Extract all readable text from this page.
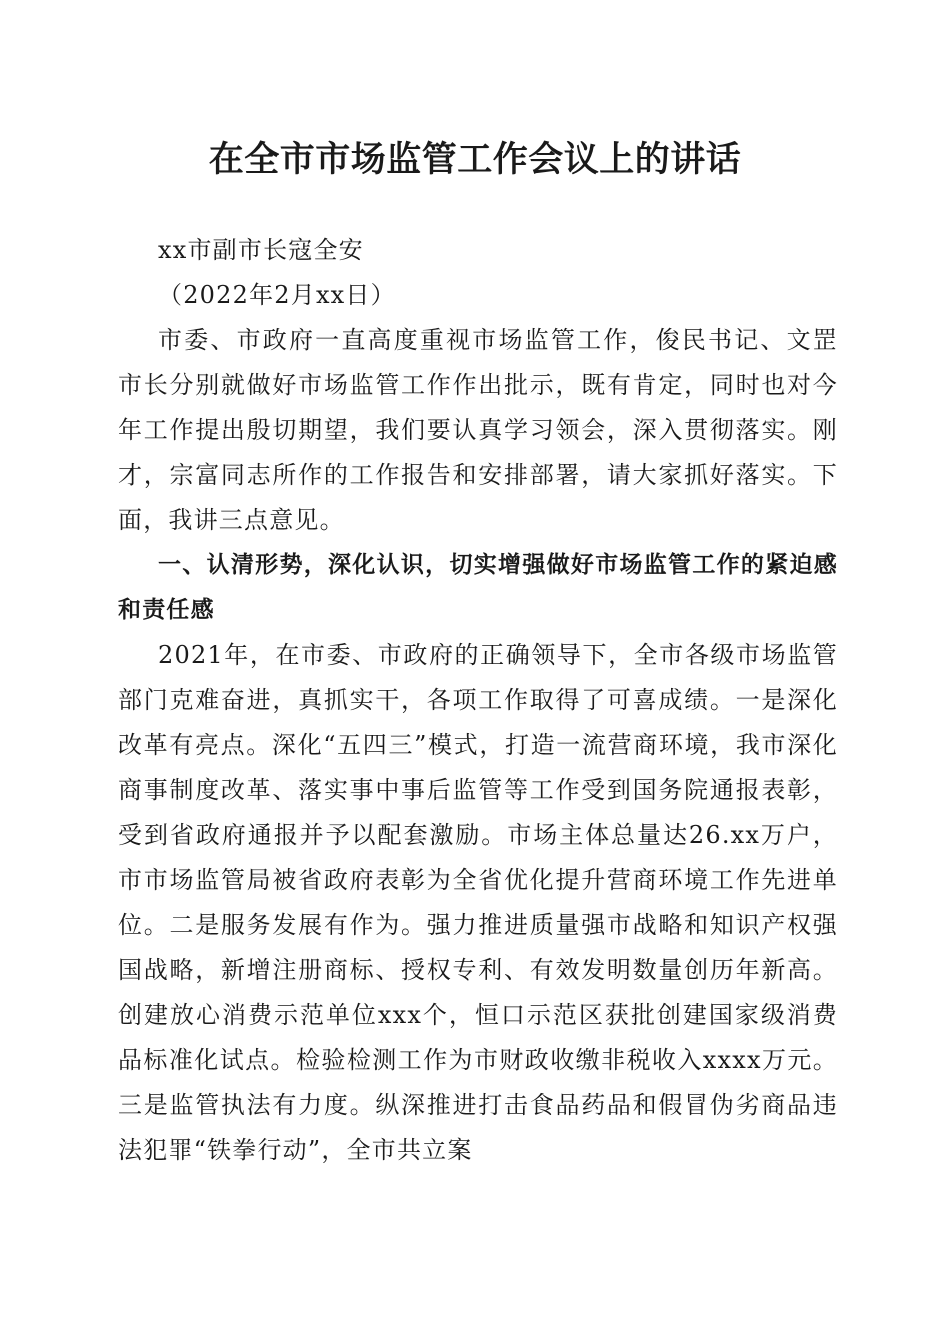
在全市市场监管工作会议上的讲话

xx市副市长寇全安

（2022年2月xx日）

市委、市政府一直高度重视市场监管工作，俊民书记、文罡市长分别就做好市场监管工作作出批示，既有肯定，同时也对今年工作提出殷切期望，我们要认真学习领会，深入贯彻落实。刚才，宗富同志所作的工作报告和安排部署，请大家抓好落实。下面，我讲三点意见。

一、认清形势，深化认识，切实增强做好市场监管工作的紧迫感和责任感

2021年，在市委、市政府的正确领导下，全市各级市场监管部门克难奋进，真抓实干，各项工作取得了可喜成绩。一是深化改革有亮点。深化“五四三”模式，打造一流营商环境，我市深化商事制度改革、落实事中事后监管等工作受到国务院通报表彰，受到省政府通报并予以配套激励。市场主体总量达26.xx万户，市市场监管局被省政府表彰为全省优化提升营商环境工作先进单位。二是服务发展有作为。强力推进质量强市战略和知识产权强国战略，新增注册商标、授权专利、有效发明数量创历年新高。创建放心消费示范单位xxx个，恒口示范区获批创建国家级消费品标准化试点。检验检测工作为市财政收缴非税收入xxxx万元。三是监管执法有力度。纵深推进打击食品药品和假冒伪劣商品违法犯罪“铁拳行动”，全市共立案
